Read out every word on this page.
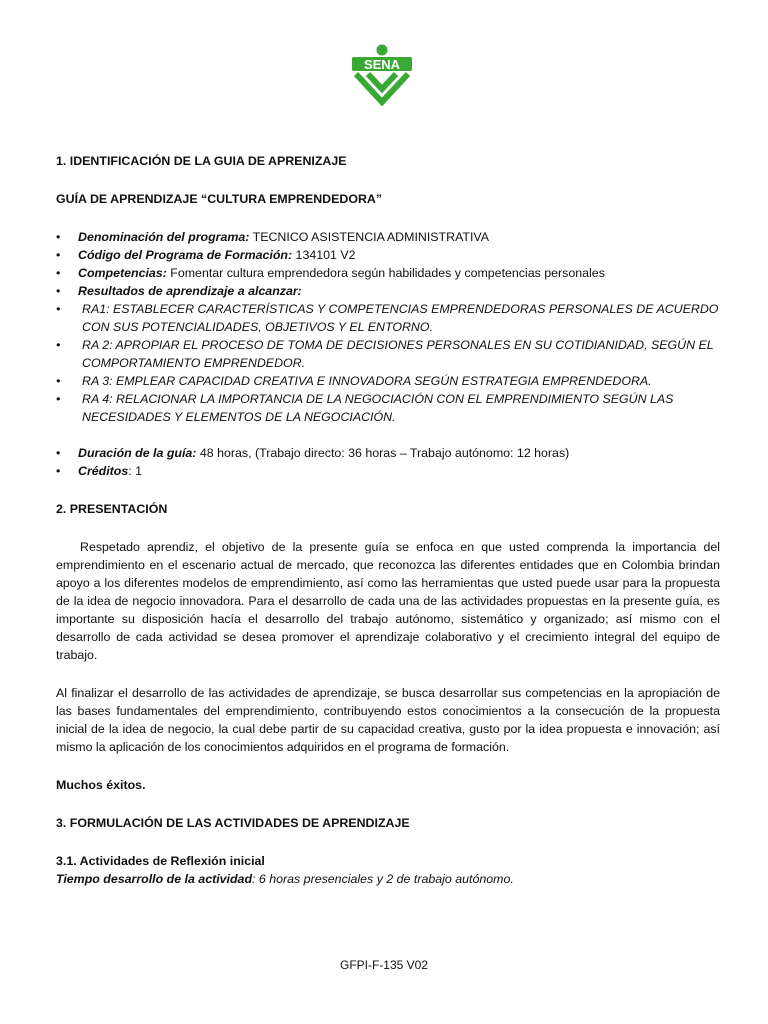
SENA

1. IDENTIFICACIÓN DE LA GUIA DE APRENIZAJE

GUÍA DE APRENDIZAJE “CULTURA EMPRENDEDORA”

• Denominación del programa: TECNICO ASISTENCIA ADMINISTRATIVA
• Código del Programa de Formación: 134101 V2
• Competencias: Fomentar cultura emprendedora según habilidades y competencias personales
• Resultados de aprendizaje a alcanzar:
• RA1: ESTABLECER CARACTERÍSTICAS Y COMPETENCIAS EMPRENDEDORAS PERSONALES DE ACUERDO CON SUS POTENCIALIDADES, OBJETIVOS Y EL ENTORNO.
• RA 2: APROPIAR EL PROCESO DE TOMA DE DECISIONES PERSONALES EN SU COTIDIANIDAD, SEGÚN EL COMPORTAMIENTO EMPRENDEDOR.
• RA 3: EMPLEAR CAPACIDAD CREATIVA E INNOVADORA SEGÚN ESTRATEGIA EMPRENDEDORA.
• RA 4: RELACIONAR LA IMPORTANCIA DE LA NEGOCIACIÓN CON EL EMPRENDIMIENTO SEGÚN LAS NECESIDADES Y ELEMENTOS DE LA NEGOCIACIÓN.
• Duración de la guía: 48 horas, (Trabajo directo: 36 horas – Trabajo autónomo: 12 horas)
• Créditos: 1

2. PRESENTACIÓN

Respetado aprendiz, el objetivo de la presente guía se enfoca en que usted comprenda la importancia del emprendimiento en el escenario actual de mercado, que reconozca las diferentes entidades que en Colombia brindan apoyo a los diferentes modelos de emprendimiento, así como las herramientas que usted puede usar para la propuesta de la idea de negocio innovadora. Para el desarrollo de cada una de las actividades propuestas en la presente guía, es importante su disposición hacía el desarrollo del trabajo autónomo, sistemático y organizado; así mismo con el desarrollo de cada actividad se desea promover el aprendizaje colaborativo y el crecimiento integral del equipo de trabajo.

Al finalizar el desarrollo de las actividades de aprendizaje, se busca desarrollar sus competencias en la apropiación de las bases fundamentales del emprendimiento, contribuyendo estos conocimientos a la consecución de la propuesta inicial de la idea de negocio, la cual debe partir de su capacidad creativa, gusto por la idea propuesta e innovación; así mismo la aplicación de los conocimientos adquiridos en el programa de formación.

Muchos éxitos.

3. FORMULACIÓN DE LAS ACTIVIDADES DE APRENDIZAJE

3.1. Actividades de Reflexión inicial

Tiempo desarrollo de la actividad: 6 horas presenciales y 2 de trabajo autónomo.

GFPI-F-135 V02
